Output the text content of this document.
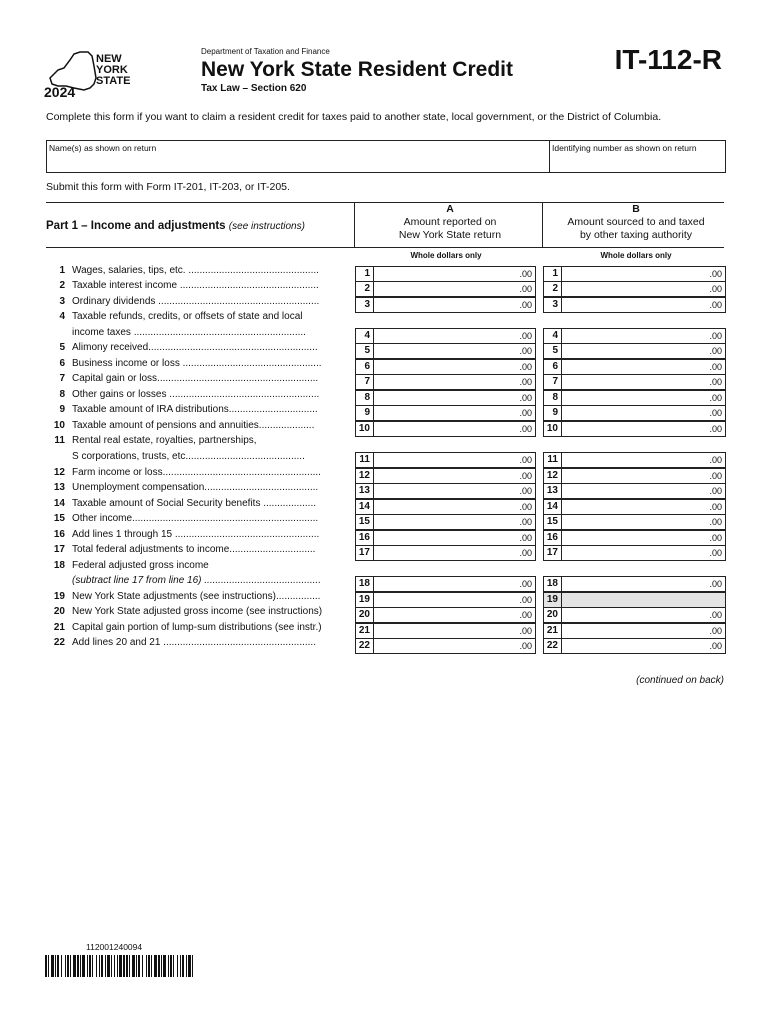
NEW
YORK
STATE
2024
Department of Taxation and Finance
New York State Resident Credit
Tax Law – Section 620
IT-112-R
Complete this form if you want to claim a resident credit for taxes paid to another state, local government, or the District of Columbia.
Name(s) as shown on return	Identifying number as shown on return
Submit this form with Form IT-201, IT-203, or IT-205.
Part 1 – Income and adjustments (see instructions)
A
Amount reported on
New York State return
B
Amount sourced to and taxed
by other taxing authority
Whole dollars only	Whole dollars only
1 Wages, salaries, tips, etc. ...............................................	1	.00	1	.00
2 Taxable interest income ..................................................	2	.00	2	.00
3 Ordinary dividends ..........................................................	3	.00	3	.00
4 Taxable refunds, credits, or offsets of state and local
income taxes ..............................................................	4	.00	4	.00
5 Alimony received.............................................................	5	.00	5	.00
6 Business income or loss ..................................................	6	.00	6	.00
7 Capital gain or loss..........................................................	7	.00	7	.00
8 Other gains or losses ......................................................	8	.00	8	.00
9 Taxable amount of IRA distributions................................	9	.00	9	.00
10 Taxable amount of pensions and annuities....................	10	.00 10	.00
11 Rental real estate, royalties, partnerships,
S corporations, trusts, etc...........................................	11	.00	11	.00
12 Farm income or loss.........................................................	12	.00 12	.00
13 Unemployment compensation.........................................	13	.00 13	.00
14 Taxable amount of Social Security benefits ...................	14	.00 14	.00
15 Other income...................................................................	15	.00 15	.00
16 Add lines 1 through 15 ....................................................	16	.00 16	.00
17 Total federal adjustments to income...............................	17	.00 17	.00
18 Federal adjusted gross income
(subtract line 17 from line 16) ..........................................	18	.00 18	.00
19 New York State adjustments (see instructions)................	19	.00 19
20 New York State adjusted gross income (see instructions)	20	.00 20	.00
21 Capital gain portion of lump-sum distributions (see instr.)	21	.00 21	.00
22 Add lines 20 and 21 .......................................................	22	.00 22	.00
(continued on back)
112001240094
